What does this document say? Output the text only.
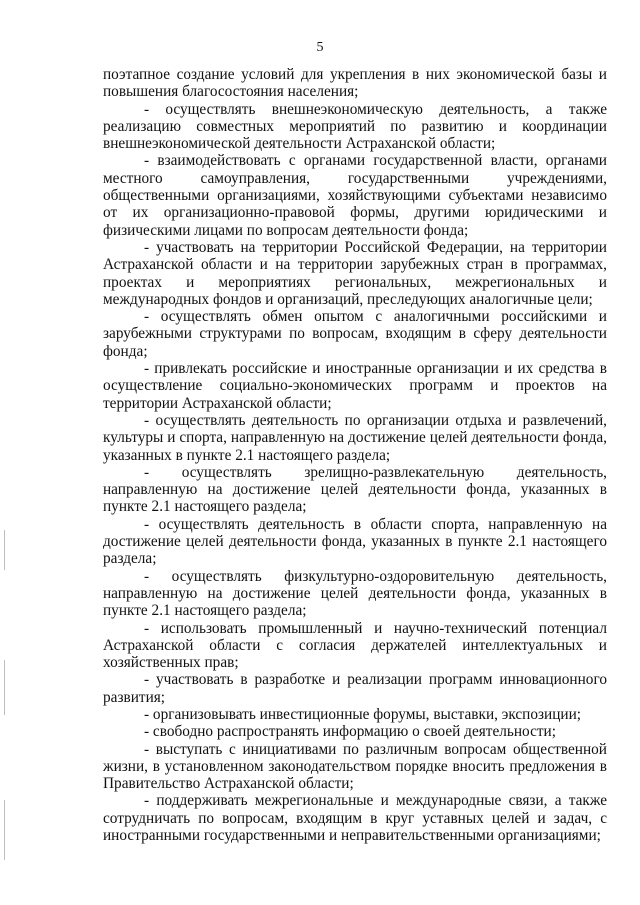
5

поэтапное создание условий для укрепления в них экономической базы и повышения благосостояния населения;

- осуществлять внешнеэкономическую деятельность, а также реализацию совместных мероприятий по развитию и координации внешнеэкономической деятельности Астраханской области;

- взаимодействовать с органами государственной власти, органами местного самоуправления, государственными учреждениями, общественными организациями, хозяйствующими субъектами независимо от их организационно-правовой формы, другими юридическими и физическими лицами по вопросам деятельности фонда;

- участвовать на территории Российской Федерации, на территории Астраханской области и на территории зарубежных стран в программах, проектах и мероприятиях региональных, межрегиональных и международных фондов и организаций, преследующих аналогичные цели;

- осуществлять обмен опытом с аналогичными российскими и зарубежными структурами по вопросам, входящим в сферу деятельности фонда;

- привлекать российские и иностранные организации и их средства в осуществление социально-экономических программ и проектов на территории Астраханской области;

- осуществлять деятельность по организации отдыха и развлечений, культуры и спорта, направленную на достижение целей деятельности фонда, указанных в пункте 2.1 настоящего раздела;

- осуществлять зрелищно-развлекательную деятельность, направленную на достижение целей деятельности фонда, указанных в пункте 2.1 настоящего раздела;

- осуществлять деятельность в области спорта, направленную на достижение целей деятельности фонда, указанных в пункте 2.1 настоящего раздела;

- осуществлять физкультурно-оздоровительную деятельность, направленную на достижение целей деятельности фонда, указанных в пункте 2.1 настоящего раздела;

- использовать промышленный и научно-технический потенциал Астраханской области с согласия держателей интеллектуальных и хозяйственных прав;

- участвовать в разработке и реализации программ инновационного развития;

- организовывать инвестиционные форумы, выставки, экспозиции;

- свободно распространять информацию о своей деятельности;

- выступать с инициативами по различным вопросам общественной жизни, в установленном законодательством порядке вносить предложения в Правительство Астраханской области;

- поддерживать межрегиональные и международные связи, а также сотрудничать по вопросам, входящим в круг уставных целей и задач, с иностранными государственными и неправительственными организациями;
